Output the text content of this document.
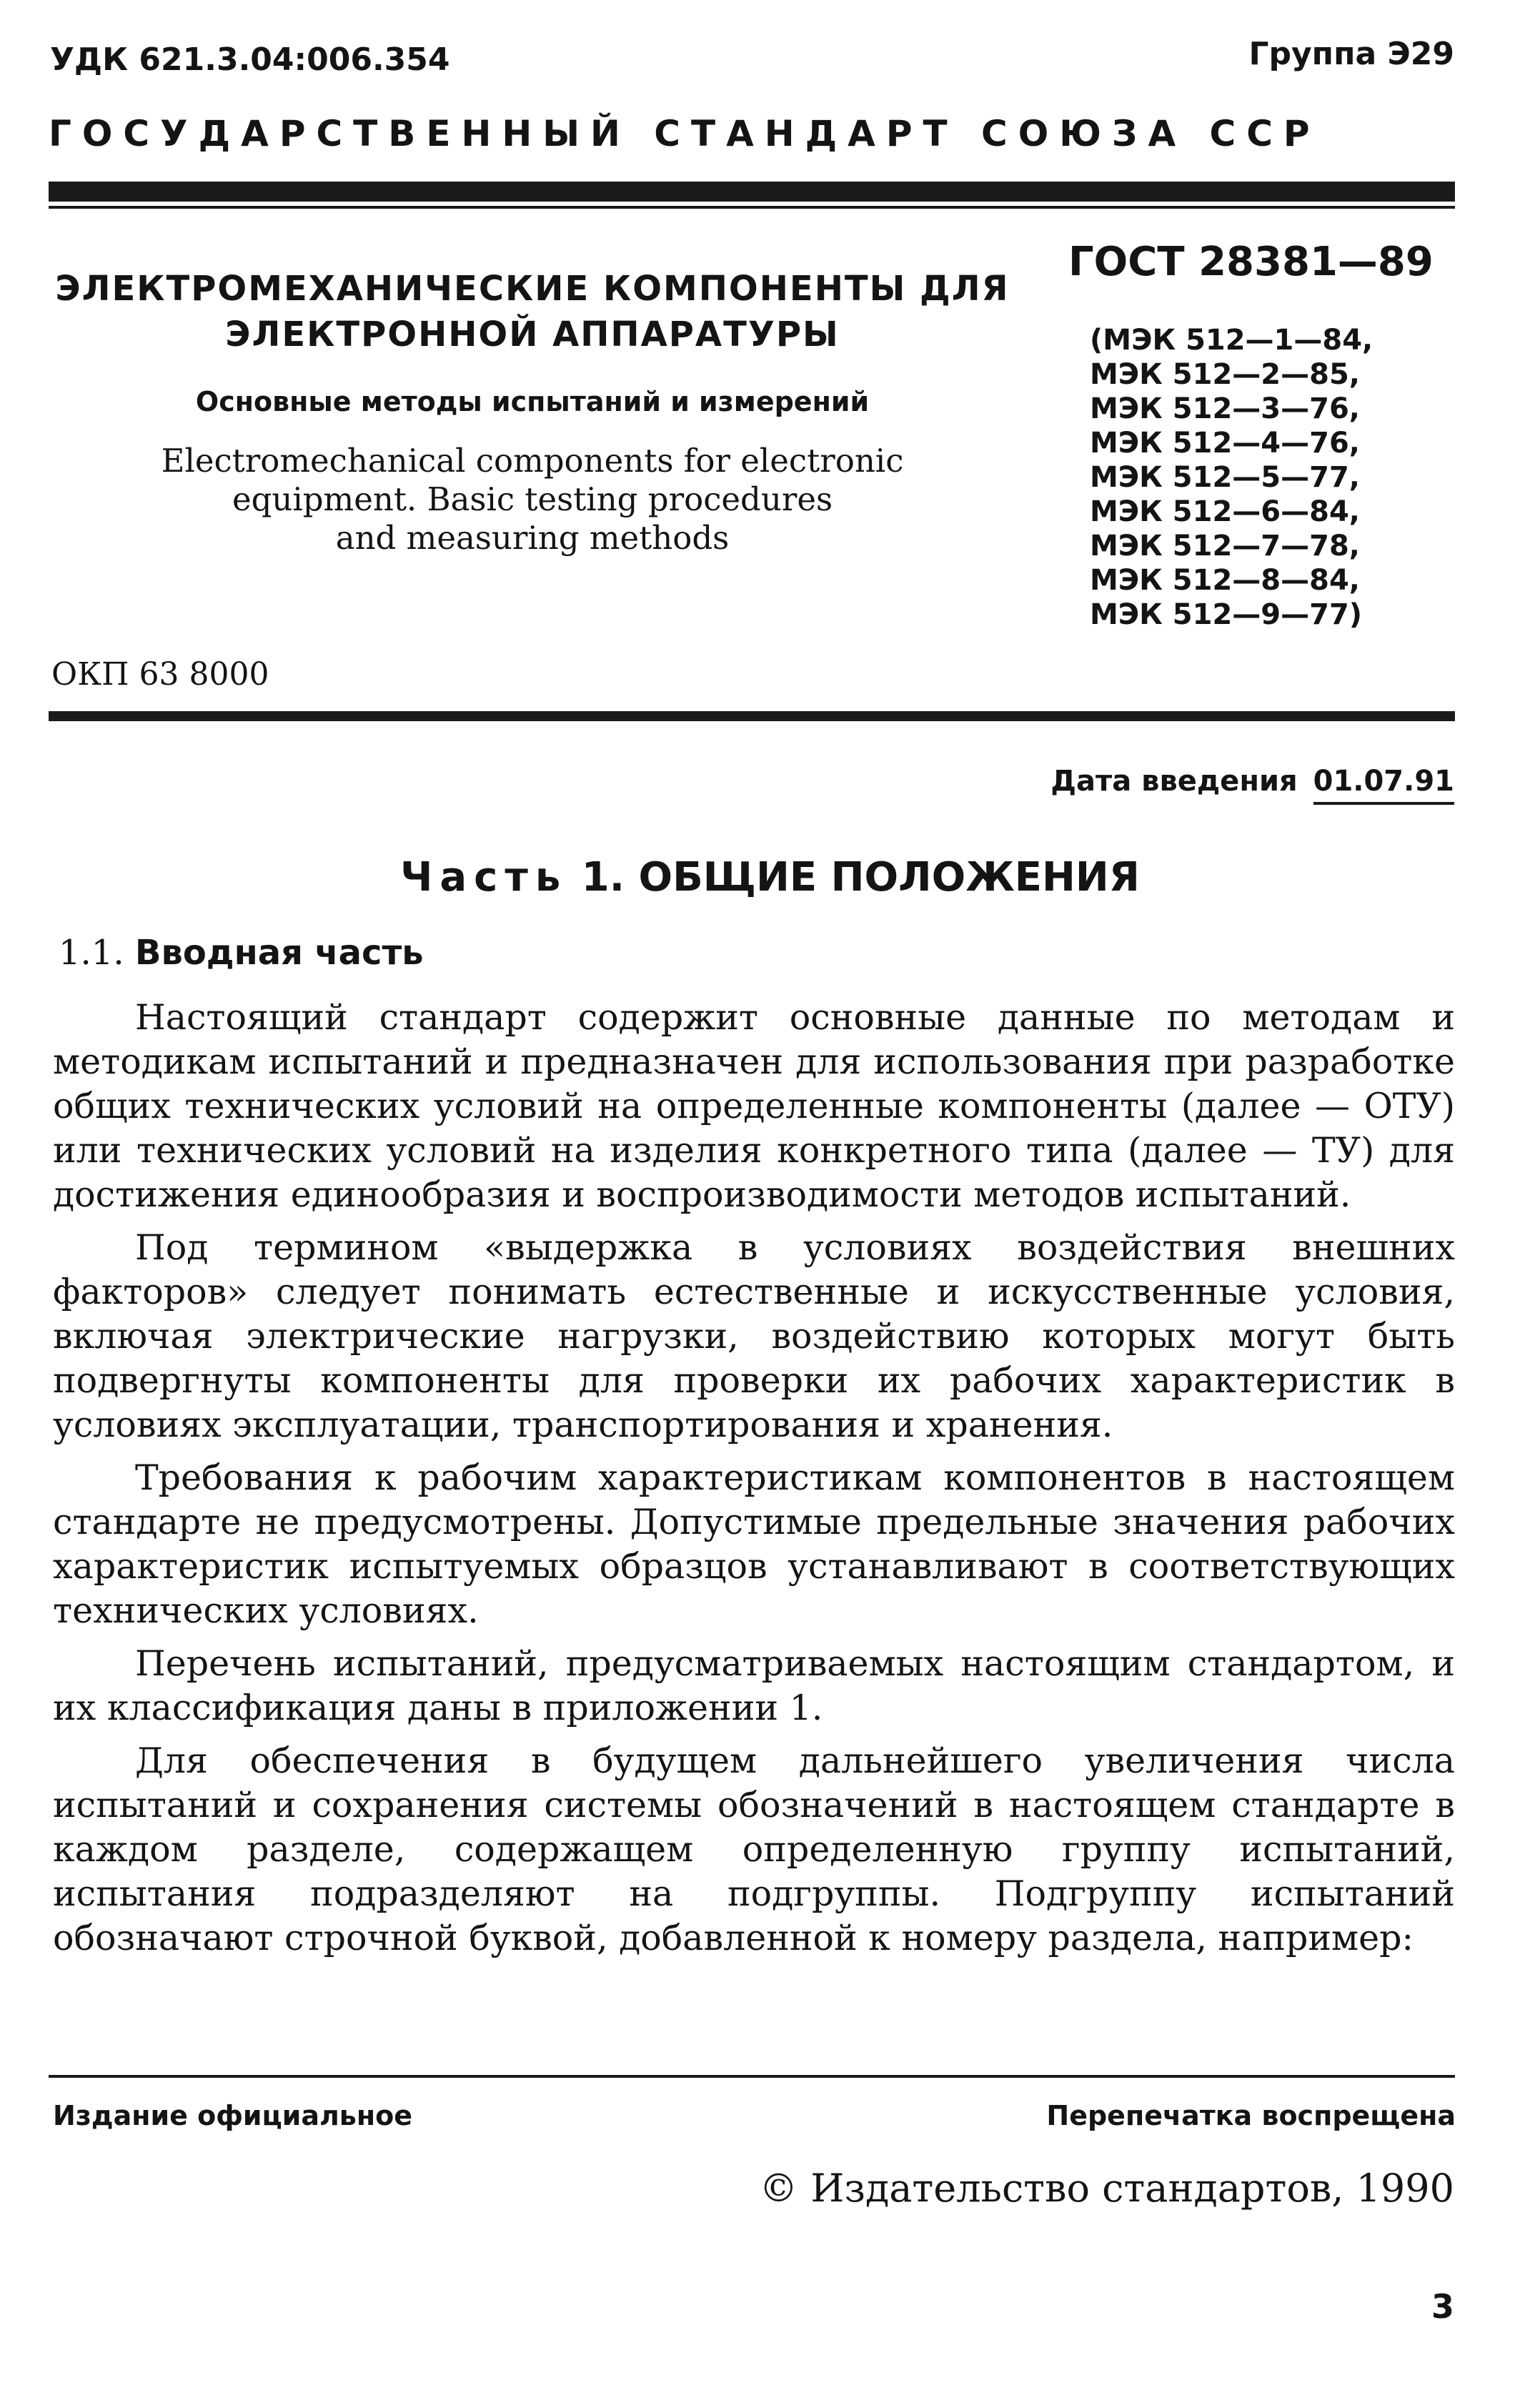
УДК 621.3.04:006.354	Группа Э29
ГОСУДАРСТВЕННЫЙ СТАНДАРТ СОЮЗА ССР
ЭЛЕКТРОМЕХАНИЧЕСКИЕ КОМПОНЕНТЫ ДЛЯ
ЭЛЕКТРОННОЙ АППАРАТУРЫ
Основные методы испытаний и измерений
Electromechanical components for electronic
equipment. Basic testing procedures
and measuring methods
ГОСТ 28381—89
(МЭК 512—1—84,
МЭК 512—2—85,
МЭК 512—3—76,
МЭК 512—4—76,
МЭК 512—5—77,
МЭК 512—6—84,
МЭК 512—7—78,
МЭК 512—8—84,
МЭК 512—9—77)
ОКП 63 8000
Дата введения 01.07.91
Часть 1. ОБЩИЕ ПОЛОЖЕНИЯ
1.1. Вводная часть

Настоящий стандарт содержит основные данные по методам и методикам испытаний и предназначен для использования при разработке общих технических условий на определенные компоненты (далее — ОТУ) или технических условий на изделия конкретного типа (далее — ТУ) для достижения единообразия и воспроизводимости методов испытаний.

Под термином «выдержка в условиях воздействия внешних факторов» следует понимать естественные и искусственные условия, включая электрические нагрузки, воздействию которых могут быть подвергнуты компоненты для проверки их рабочих характеристик в условиях эксплуатации, транспортирования и хранения.

Требования к рабочим характеристикам компонентов в настоящем стандарте не предусмотрены. Допустимые предельные значения рабочих характеристик испытуемых образцов устанавливают в соответствующих технических условиях.

Перечень испытаний, предусматриваемых настоящим стандартом, и их классификация даны в приложении 1.

Для обеспечения в будущем дальнейшего увеличения числа испытаний и сохранения системы обозначений в настоящем стандарте в каждом разделе, содержащем определенную группу испытаний, испытания подразделяют на подгруппы. Подгруппу испытаний обозначают строчной буквой, добавленной к номеру раздела, например:

Издание официальное	Перепечатка воспрещена
© Издательство стандартов, 1990
3
